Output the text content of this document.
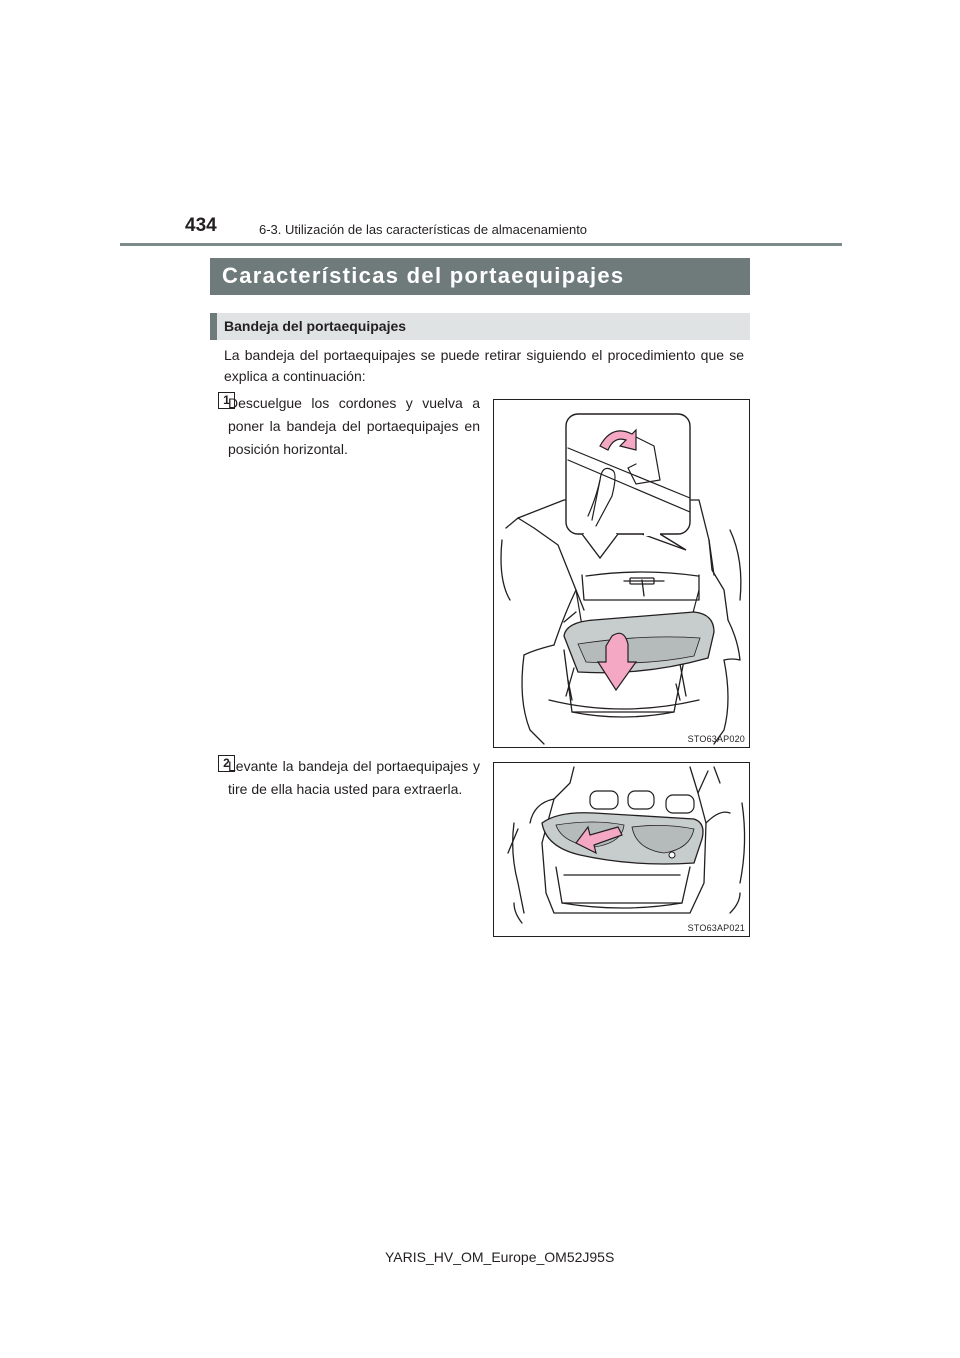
434	6-3. Utilización de las características de almacenamiento
Características del portaequipajes
Bandeja del portaequipajes
La bandeja del portaequipajes se puede retirar siguiendo el procedimiento que se explica a continuación:
1
Descuelgue los cordones y vuelva a poner la bandeja del portaequipajes en posición horizontal.
STO63AP020
2
Levante la bandeja del portaequipajes y tire de ella hacia usted para extraerla.
STO63AP021
YARIS_HV_OM_Europe_OM52J95S
